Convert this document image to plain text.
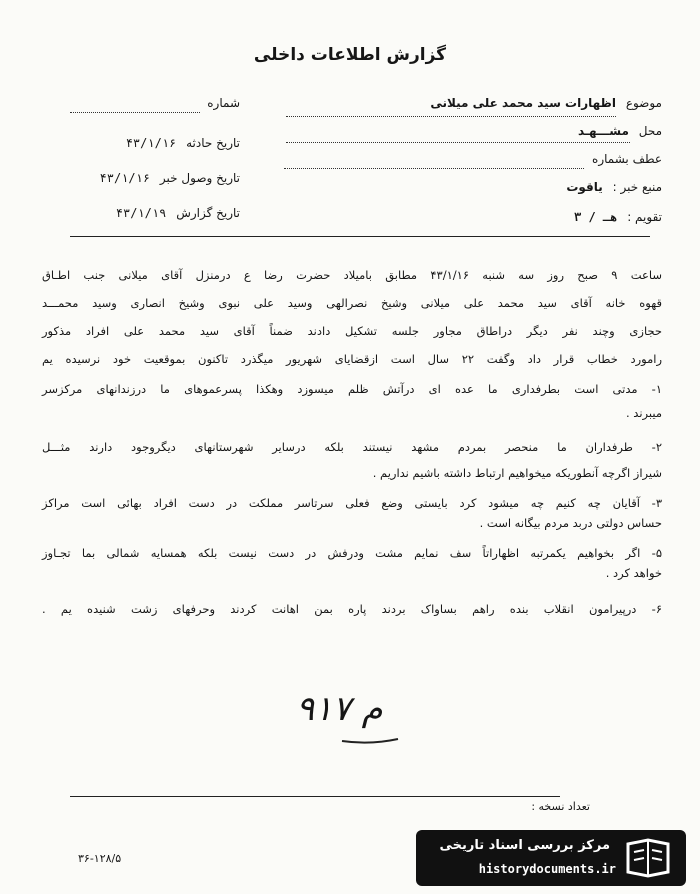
گزارش اطلاعات داخلی
موضوع اظهارات سید محمد علی میلانی
محل مشـــهـد
عطف بشماره
منبع خبر : یاقوت
تقویم : هـ / ۳
شماره
تاریخ حادثه ۴۳/۱/۱۶
تاریخ وصول خبر ۴۳/۱/۱۶
تاریخ گزارش ۴۳/۱/۱۹
ساعت ۹ صبح روز سه شنبه ۴۳/۱/۱۶ مطابق باميلاد حضرت رضا ع درمنزل آقای میلانی جنب اطـاق
قهوه خانه آقای سید محمد علی میلانی وشیخ نصرالهی وسید علی نبوی وشیخ انصاری وسید محمـــد
حجازی وچند نفر دیگر دراطاق مجاور جلسه تشکیل دادند ضمناً آقای سید محمد علی افراد مذکور
رامورد خطاب قرار داد وگفت ۲۲ سال است ازقضایای شهریور میگذرد تاکنون بموقعیت خود نرسیده یم
۱- مدتی است بطرفداری ما عده ای درآتش ظلم میسوزد وهکذا پسرعموهای ما درزندانهای مرکزسر
میبرند .
۲- طرفداران ما منحصر بمردم مشهد نیستند بلکه درسایر شهرستانهای دیگروجود دارند مثـــل
شیراز اگرچه آنطوریکه میخواهیم ارتباط داشته باشیم نداریم .
۳- آقایان چه کنیم چه میشود کرد بایستی وضع فعلی سرتاسر مملکت در دست افراد بهائی است مراکز
حساس دولتی دربد مردم بیگانه است .
۵- اگر بخواهیم یکمرتبه اظهاراتاً سف نمایم مشت ودرفش در دست نیست بلکه همسایه شمالی بما تجـاوز
خواهد کرد .
۶- درپیرامون انقلاب بنده راهم بساواک بردند پاره بمن اهانت کردند وحرفهای زشت شنیده یم .
۹۱۷ م
تعداد نسخه :
۳۶-۱۲۸/۵
مرکز بررسی اسناد تاریخی
historydocuments.ir
